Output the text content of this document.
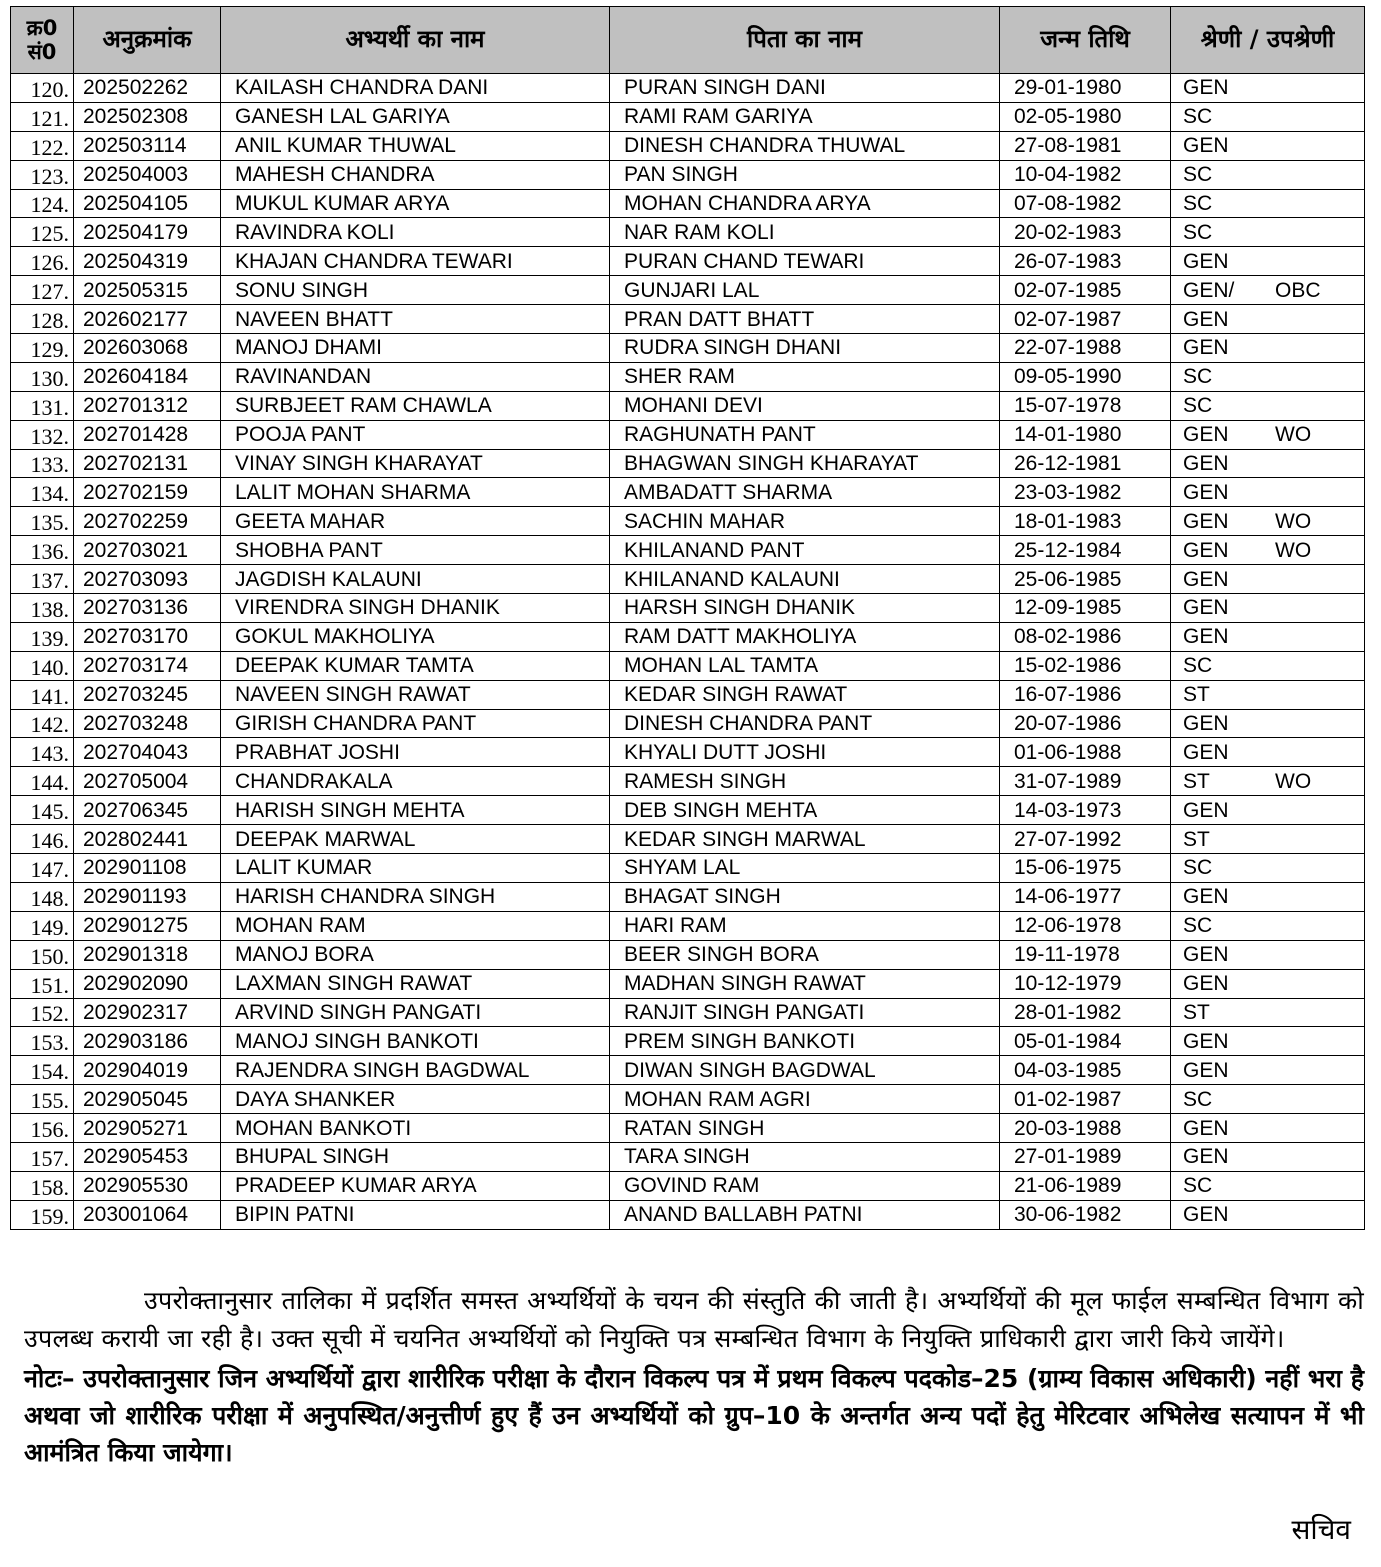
क्र0 सं0	अनुक्रमांक	अभ्यर्थी का नाम	पिता का नाम	जन्म तिथि	श्रेणी / उपश्रेणी
120.	202502262	KAILASH CHANDRA DANI	PURAN SINGH DANI	29-01-1980	GEN
121.	202502308	GANESH LAL GARIYA	RAMI RAM GARIYA	02-05-1980	SC
122.	202503114	ANIL KUMAR THUWAL	DINESH CHANDRA THUWAL	27-08-1981	GEN
123.	202504003	MAHESH CHANDRA	PAN SINGH	10-04-1982	SC
124.	202504105	MUKUL KUMAR ARYA	MOHAN CHANDRA ARYA	07-08-1982	SC
125.	202504179	RAVINDRA KOLI	NAR RAM KOLI	20-02-1983	SC
126.	202504319	KHAJAN CHANDRA TEWARI	PURAN CHAND TEWARI	26-07-1983	GEN
127.	202505315	SONU SINGH	GUNJARI LAL	02-07-1985	GEN/ OBC
128.	202602177	NAVEEN BHATT	PRAN DATT BHATT	02-07-1987	GEN
129.	202603068	MANOJ DHAMI	RUDRA SINGH DHANI	22-07-1988	GEN
130.	202604184	RAVINANDAN	SHER RAM	09-05-1990	SC
131.	202701312	SURBJEET RAM CHAWLA	MOHANI DEVI	15-07-1978	SC
132.	202701428	POOJA PANT	RAGHUNATH PANT	14-01-1980	GEN WO
133.	202702131	VINAY SINGH KHARAYAT	BHAGWAN SINGH KHARAYAT	26-12-1981	GEN
134.	202702159	LALIT MOHAN SHARMA	AMBADATT SHARMA	23-03-1982	GEN
135.	202702259	GEETA MAHAR	SACHIN MAHAR	18-01-1983	GEN WO
136.	202703021	SHOBHA PANT	KHILANAND PANT	25-12-1984	GEN WO
137.	202703093	JAGDISH KALAUNI	KHILANAND KALAUNI	25-06-1985	GEN
138.	202703136	VIRENDRA SINGH DHANIK	HARSH SINGH DHANIK	12-09-1985	GEN
139.	202703170	GOKUL MAKHOLIYA	RAM DATT MAKHOLIYA	08-02-1986	GEN
140.	202703174	DEEPAK KUMAR TAMTA	MOHAN LAL TAMTA	15-02-1986	SC
141.	202703245	NAVEEN SINGH RAWAT	KEDAR SINGH RAWAT	16-07-1986	ST
142.	202703248	GIRISH CHANDRA PANT	DINESH CHANDRA PANT	20-07-1986	GEN
143.	202704043	PRABHAT JOSHI	KHYALI DUTT JOSHI	01-06-1988	GEN
144.	202705004	CHANDRAKALA	RAMESH SINGH	31-07-1989	ST WO
145.	202706345	HARISH SINGH MEHTA	DEB SINGH MEHTA	14-03-1973	GEN
146.	202802441	DEEPAK MARWAL	KEDAR SINGH MARWAL	27-07-1992	ST
147.	202901108	LALIT KUMAR	SHYAM LAL	15-06-1975	SC
148.	202901193	HARISH CHANDRA SINGH	BHAGAT SINGH	14-06-1977	GEN
149.	202901275	MOHAN RAM	HARI RAM	12-06-1978	SC
150.	202901318	MANOJ BORA	BEER SINGH BORA	19-11-1978	GEN
151.	202902090	LAXMAN SINGH RAWAT	MADHAN SINGH RAWAT	10-12-1979	GEN
152.	202902317	ARVIND SINGH PANGATI	RANJIT SINGH PANGATI	28-01-1982	ST
153.	202903186	MANOJ SINGH BANKOTI	PREM SINGH BANKOTI	05-01-1984	GEN
154.	202904019	RAJENDRA SINGH BAGDWAL	DIWAN SINGH BAGDWAL	04-03-1985	GEN
155.	202905045	DAYA SHANKER	MOHAN RAM AGRI	01-02-1987	SC
156.	202905271	MOHAN BANKOTI	RATAN SINGH	20-03-1988	GEN
157.	202905453	BHUPAL SINGH	TARA SINGH	27-01-1989	GEN
158.	202905530	PRADEEP KUMAR ARYA	GOVIND RAM	21-06-1989	SC
159.	203001064	BIPIN PATNI	ANAND BALLABH PATNI	30-06-1982	GEN

उपरोक्तानुसार तालिका में प्रदर्शित समस्त अभ्यर्थियों के चयन की संस्तुति की जाती है। अभ्यर्थियों की मूल फाईल सम्बन्धित विभाग को उपलब्ध करायी जा रही है। उक्त सूची में चयनित अभ्यर्थियों को नियुक्ति पत्र सम्बन्धित विभाग के नियुक्ति प्राधिकारी द्वारा जारी किये जायेंगे।

नोटः– उपरोक्तानुसार जिन अभ्यर्थियों द्वारा शारीरिक परीक्षा के दौरान विकल्प पत्र में प्रथम विकल्प पदकोड–25 (ग्राम्य विकास अधिकारी) नहीं भरा है अथवा जो शारीरिक परीक्षा में अनुपस्थित/अनुत्तीर्ण हुए हैं उन अभ्यर्थियों को ग्रुप–10 के अन्तर्गत अन्य पदों हेतु मेरिटवार अभिलेख सत्यापन में भी आमंत्रित किया जायेगा।

सचिव
